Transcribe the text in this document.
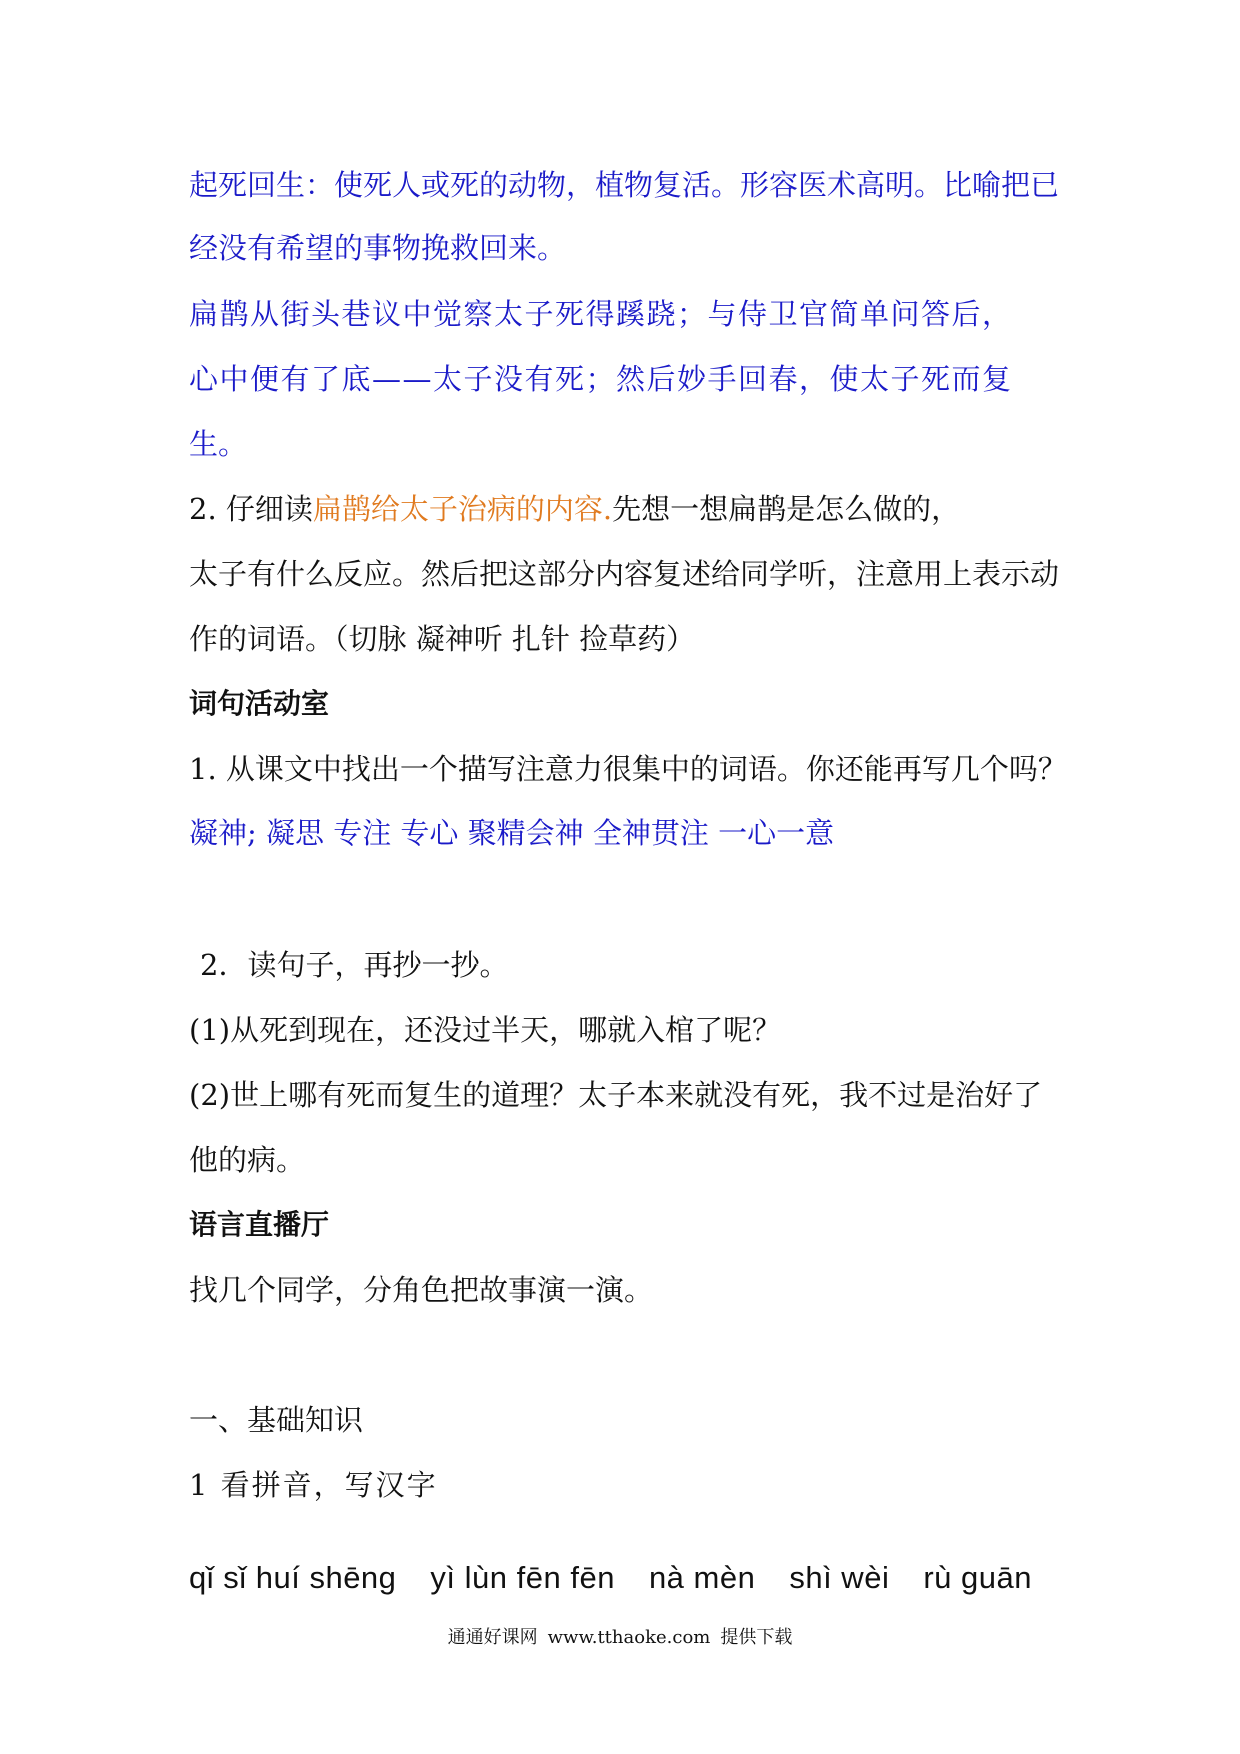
起死回生：使死人或死的动物，植物复活。形容医术高明。比喻把已
经没有希望的事物挽救回来。
扁鹊从街头巷议中觉察太子死得蹊跷；与侍卫官简单问答后，
心中便有了底——太子没有死；然后妙手回春，使太子死而复
生。
2. 仔细读扁鹊给太子治病的内容.先想一想扁鹊是怎么做的，
太子有什么反应。然后把这部分内容复述给同学听，注意用上表示动
作的词语。（切脉 凝神听 扎针 捡草药）
词句活动室
1. 从课文中找出一个描写注意力很集中的词语。你还能再写几个吗？
凝神; 凝思 专注 专心 聚精会神 全神贯注 一心一意
2．读句子，再抄一抄。
(1)从死到现在，还没过半天，哪就入棺了呢？
(2)世上哪有死而复生的道理？太子本来就没有死，我不过是治好了
他的病。
语言直播厅
找几个同学，分角色把故事演一演。
一、基础知识
1 看拼音，写汉字
qǐ sǐ huí shēng yì lùn fēn fēn nà mèn shì wèi rù guān
通通好课网 www.tthaoke.com 提供下载
